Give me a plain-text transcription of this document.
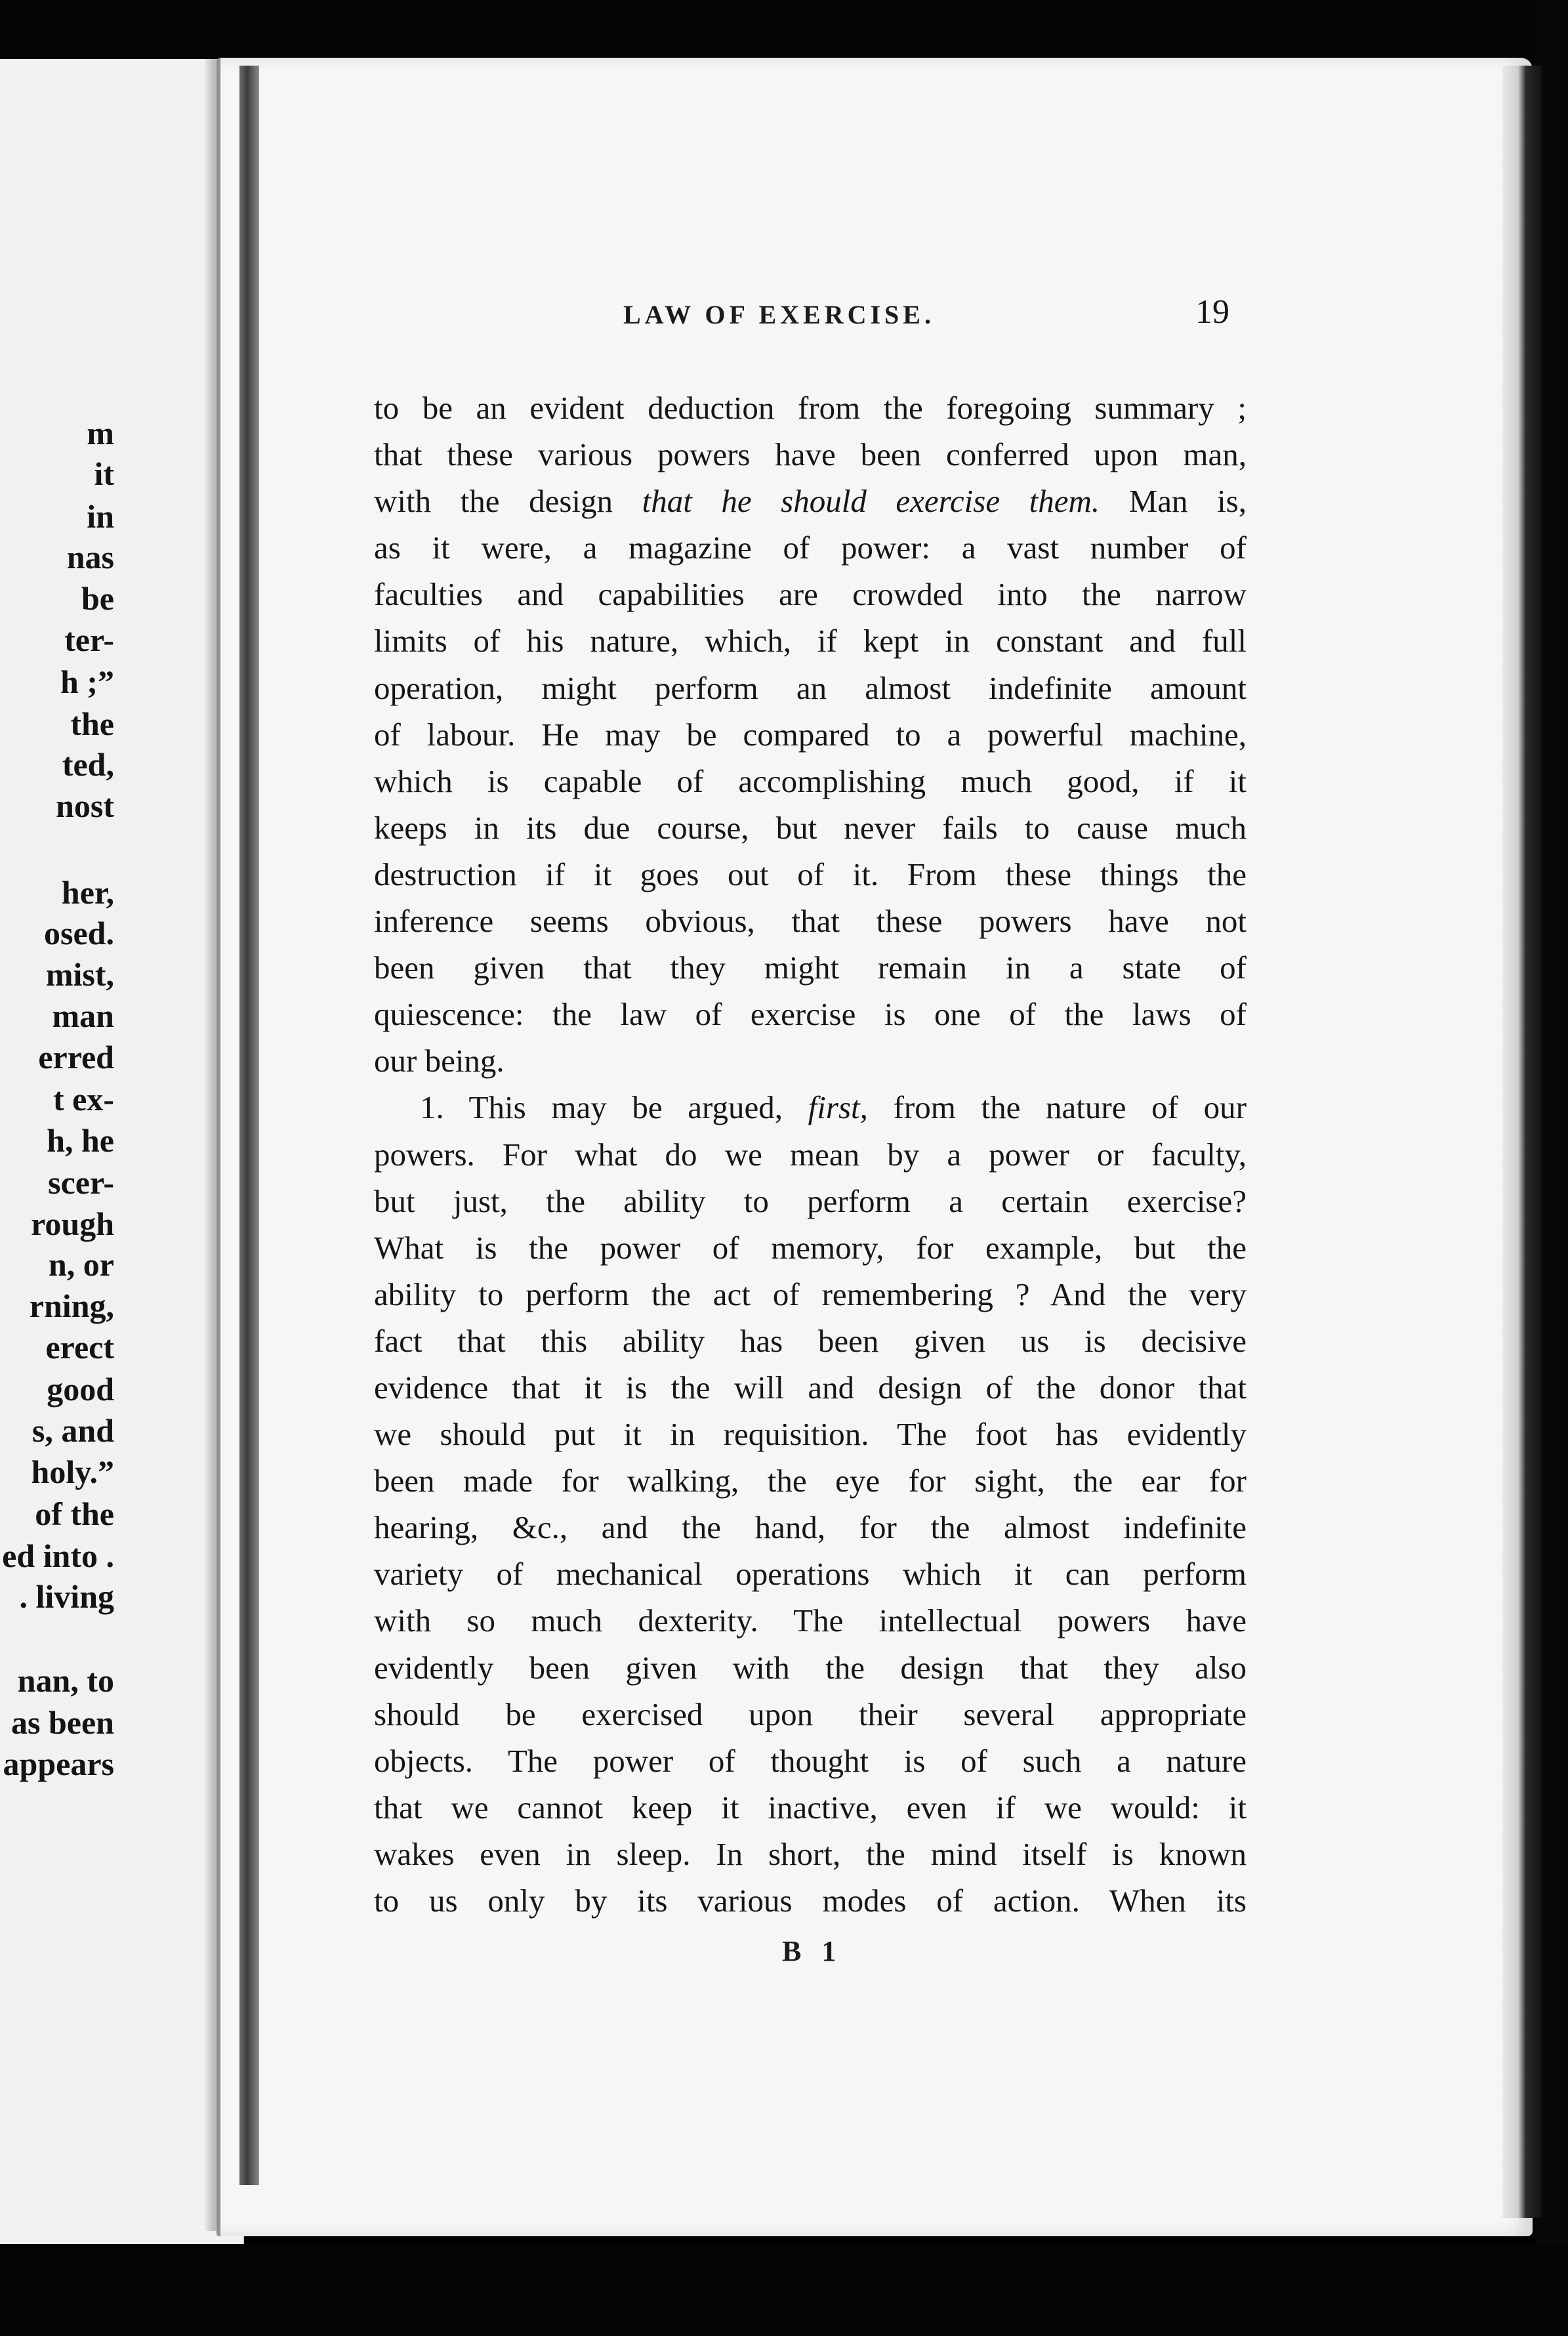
m
it
in
nas
be
ter-
h ;”
the
ted,
nost
her,
osed.
mist,
man
erred
t ex-
h, he
scer-
rough
n, or
rning,
erect
good
s, and
holy.”
of the
ed into .
. living
nan, to
as been
appears
LAW OF EXERCISE.	19
to be an evident deduction from the foregoing summary ;
that these various powers have been conferred upon man,
with the design that he should exercise them. Man is,
as it were, a magazine of power: a vast number of
faculties and capabilities are crowded into the narrow
limits of his nature, which, if kept in constant and full
operation, might perform an almost indefinite amount
of labour. He may be compared to a powerful machine,
which is capable of accomplishing much good, if it
keeps in its due course, but never fails to cause much
destruction if it goes out of it. From these things the
inference seems obvious, that these powers have not
been given that they might remain in a state of
quiescence: the law of exercise is one of the laws of
our being.
1. This may be argued, first, from the nature of our
powers. For what do we mean by a power or faculty,
but just, the ability to perform a certain exercise?
What is the power of memory, for example, but the
ability to perform the act of remembering ? And the very
fact that this ability has been given us is decisive
evidence that it is the will and design of the donor that
we should put it in requisition. The foot has evidently
been made for walking, the eye for sight, the ear for
hearing, &c., and the hand, for the almost indefinite
variety of mechanical operations which it can perform
with so much dexterity. The intellectual powers have
evidently been given with the design that they also
should be exercised upon their several appropriate
objects. The power of thought is of such a nature
that we cannot keep it inactive, even if we would: it
wakes even in sleep. In short, the mind itself is known
to us only by its various modes of action. When its
B 1
